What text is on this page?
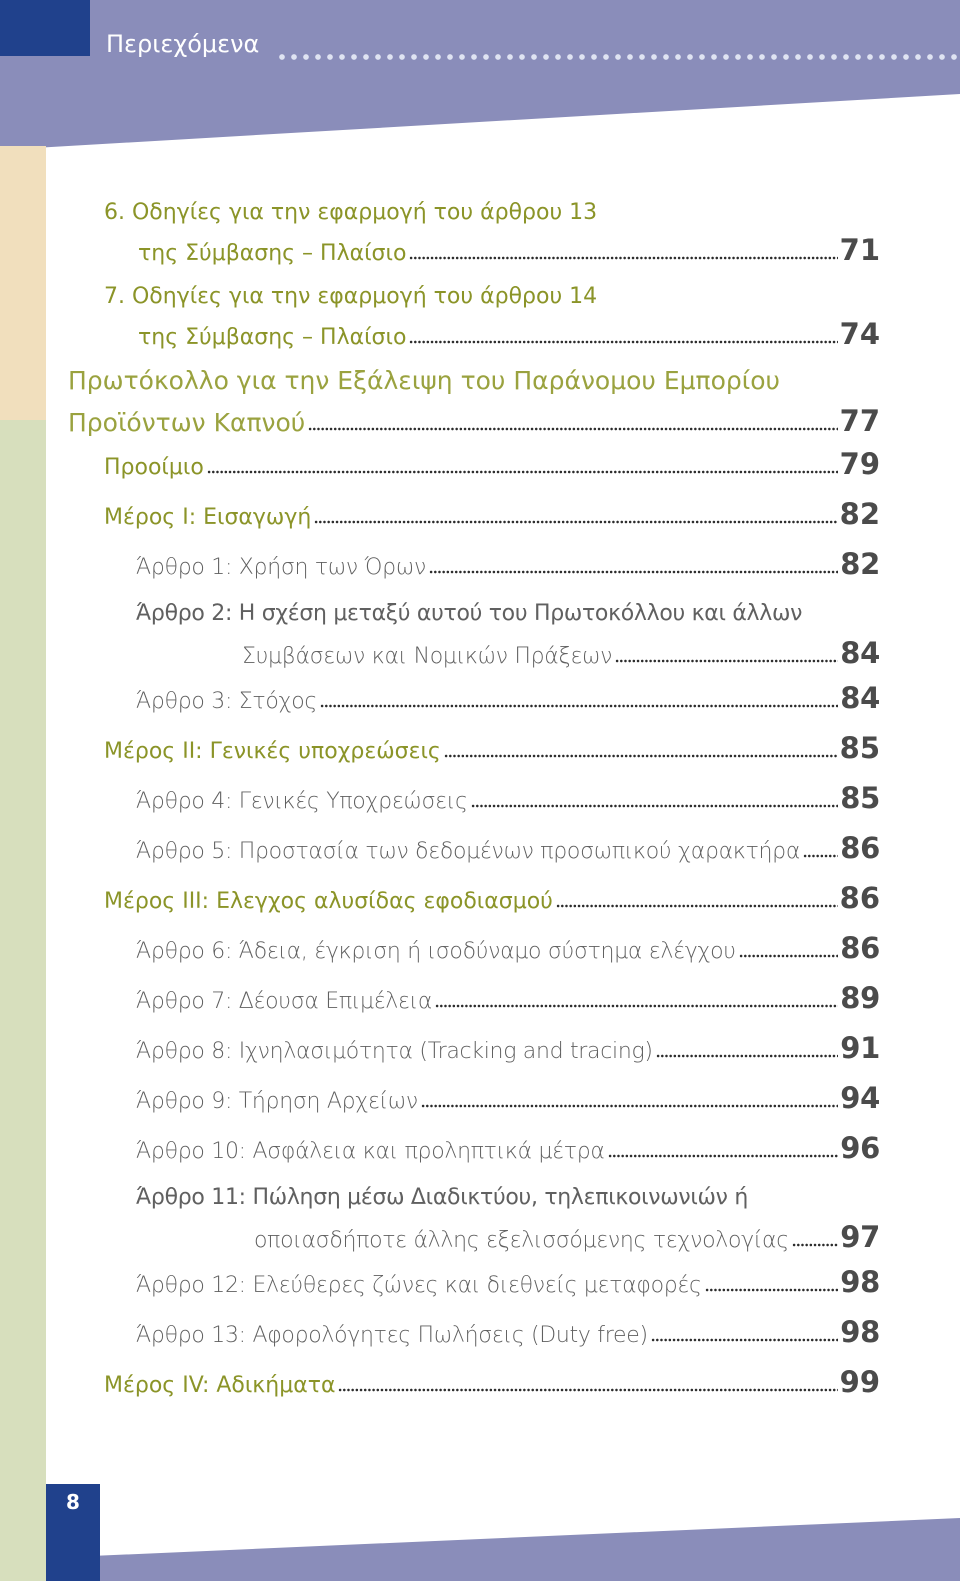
Περιεχόμενα
8
6. Οδηγίες για την εφαρμογή του άρθρου 13
της Σύμβασης – Πλαίσιο	71
7. Οδηγίες για την εφαρμογή του άρθρου 14
της Σύμβασης – Πλαίσιο	74
Πρωτόκολλο για την Εξάλειψη του Παράνομου Εμπορίου
Προϊόντων Καπνού	77
Προοίμιο	79
Μέρος Ι: Εισαγωγή	82
Άρθρο 1: Χρήση των Όρων	82
Άρθρο 2: Η σχέση μεταξύ αυτού του Πρωτοκόλλου και άλλων
Συμβάσεων και Νομικών Πράξεων	84
Άρθρο 3: Στόχος	84
Μέρος ΙΙ: Γενικές υποχρεώσεις	85
Άρθρο 4: Γενικές Υποχρεώσεις	85
Άρθρο 5: Προστασία των δεδομένων προσωπικού χαρακτήρα 86
Μέρος ΙΙΙ: Ελεγχος αλυσίδας εφοδιασμού	86
Άρθρο 6: Άδεια, έγκριση ή ισοδύναμο σύστημα ελέγχου	86
Άρθρο 7: Δέουσα Επιμέλεια	89
Άρθρο 8: Ιχνηλασιμότητα (Tracking and tracing)	91
Άρθρο 9: Τήρηση Αρχείων	94
Άρθρο 10: Ασφάλεια και προληπτικά μέτρα	96
Άρθρο 11: Πώληση μέσω Διαδικτύου, τηλεπικοινωνιών ή
οποιασδήποτε άλλης εξελισσόμενης τεχνολογίας 97
Άρθρο 12: Ελεύθερες ζώνες και διεθνείς μεταφορές	98
Άρθρο 13: Αφορολόγητες Πωλήσεις (Duty free)	98
Μέρος IV: Αδικήματα	99
